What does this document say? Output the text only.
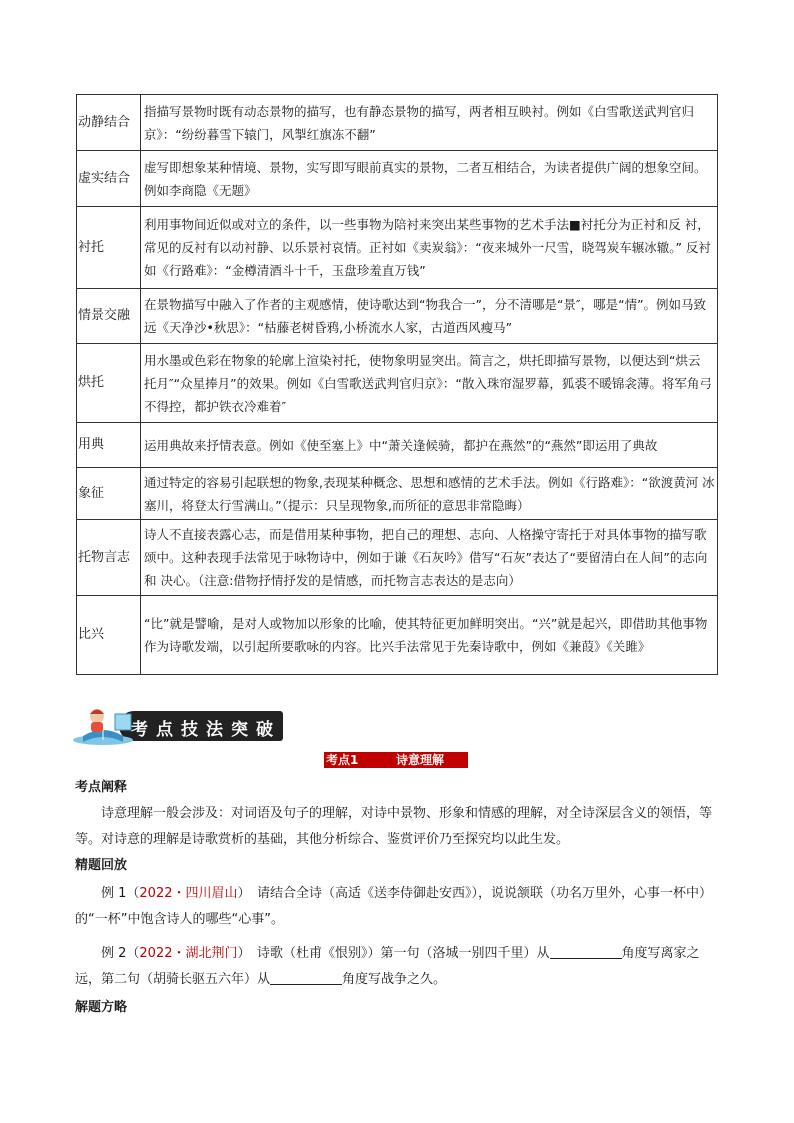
动静结合	指描写景物时既有动态景物的描写，也有静态景物的描写，两者相互映衬。例如《白雪歌送武判官归 京》：“纷纷暮雪下辕门，风掣红旗冻不翻”
虚实结合	虚写即想象某种情境、景物，实写即写眼前真实的景物，二者互相结合，为读者提供广阔的想象空间。 例如李商隐《无题》
衬托	利用事物间近似或对立的条件，以一些事物为陪衬来突出某些事物的艺术手法■衬托分为正衬和反 衬，常见的反衬有以动衬静、以乐景衬哀情。正衬如《卖炭翁》：“夜来城外一尺雪，晓驾炭车辗冰辙。” 反衬 如《行路难》：“金樽清酒斗十千，玉盘珍羞直万钱”
情景交融	在景物描写中融入了作者的主观感情，使诗歌达到“物我合一”，分不清哪是“景″，哪是“情”。例如马致 远《天净沙•秋思》：“枯藤老树昏鸦,小桥流水人家，古道西风瘦马”
烘托	用水墨或色彩在物象的轮廓上渲染衬托，使物象明显突出。简言之，烘托即描写景物，以便达到“烘云 托月″“众星捧月”的效果。例如《白雪歌送武判官归京》：“散入珠帘湿罗幕，狐裘不暖锦衾薄。将军角弓 不得控，都护铁衣冷难着″
用典	运用典故来抒情表意。例如《使至塞上》中“萧关逢候骑，都护在燕然”的“燕然”即运用了典故
象征	通过特定的容易引起联想的物象,表现某种概念、思想和感情的艺术手法。例如《行路难》：“欲渡黄河 冰塞川，将登太行雪满山。”（提示：只呈现物象,而所征的意思非常隐晦）
托物言志	诗人不直接表露心志，而是借用某种事物，把自己的理想、志向、人格操守寄托于对具体事物的描写歌 颂中。这种表现手法常见于咏物诗中，例如于谦《石灰吟》借写“石灰”表达了“要留清白在人间”的志向和 决心。（注意:借物抒情抒发的是情感，而托物言志表达的是志向）
比兴	“比”就是譬喻，是对人或物加以形象的比喻，使其特征更加鲜明突出。“兴”就是起兴，即借助其他事物 作为诗歌发端，以引起所要歌咏的内容。比兴手法常见于先秦诗歌中，例如《兼葭》《关雎》
考点技法突破
考点1	诗意理解
考点阐释
诗意理解一般会涉及：对词语及句子的理解，对诗中景物、形象和情感的理解，对全诗深层含义的领悟，等等。对诗意的理解是诗歌赏析的基础，其他分析综合、鉴赏评价乃至探究均以此生发。
精题回放
例 1（2022・四川眉山）　 请结合全诗（高适《送李侍御赴安西》），说说颔联（功名万里外，心事一杯中）的“一杯”中饱含诗人的哪些“心事”。
例 2（2022・湖北荆门）　 诗歌（杜甫《恨别》）第一句（洛城一别四千里）从	角度写离家之远，第二句（胡骑长驱五六年）从	角度写战争之久。
解题方略
